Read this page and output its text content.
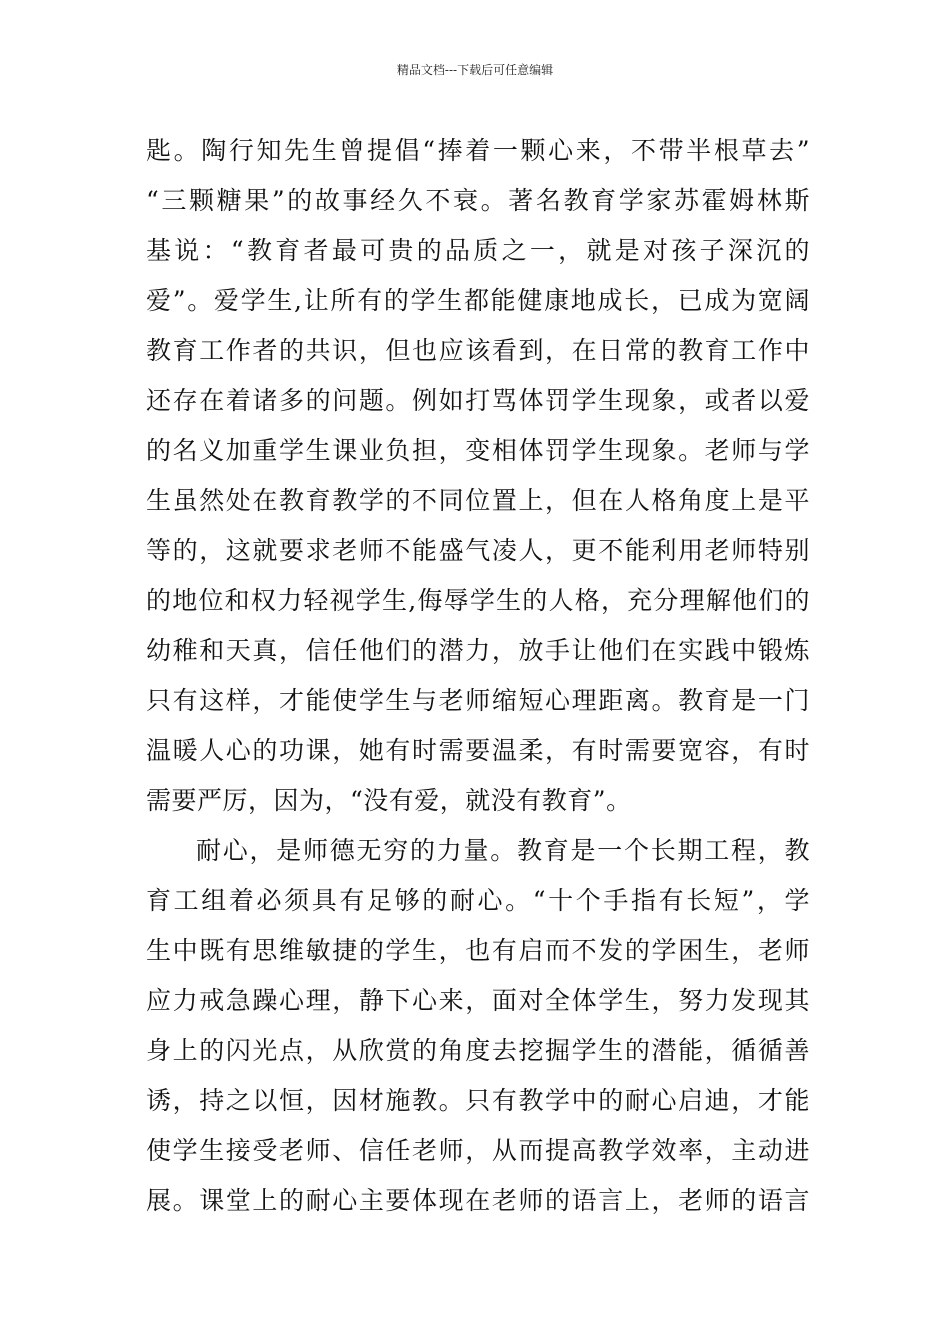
精品文档---下载后可任意编辑
匙。陶行知先生曾提倡“捧着一颗心来，不带半根草去”
“三颗糖果”的故事经久不衰。著名教育学家苏霍姆林斯
基说：“教育者最可贵的品质之一，就是对孩子深沉的
爱”。爱学生,让所有的学生都能健康地成长，已成为宽阔
教育工作者的共识，但也应该看到，在日常的教育工作中
还存在着诸多的问题。例如打骂体罚学生现象，或者以爱
的名义加重学生课业负担，变相体罚学生现象。老师与学
生虽然处在教育教学的不同位置上，但在人格角度上是平
等的，这就要求老师不能盛气凌人，更不能利用老师特别
的地位和权力轻视学生,侮辱学生的人格，充分理解他们的
幼稚和天真，信任他们的潜力，放手让他们在实践中锻炼
只有这样，才能使学生与老师缩短心理距离。教育是一门
温暖人心的功课，她有时需要温柔，有时需要宽容，有时
需要严厉，因为，“没有爱，就没有教育”。
耐心，是师德无穷的力量。教育是一个长期工程，教
育工组着必须具有足够的耐心。“十个手指有长短”，学
生中既有思维敏捷的学生，也有启而不发的学困生，老师
应力戒急躁心理，静下心来，面对全体学生，努力发现其
身上的闪光点，从欣赏的角度去挖掘学生的潜能，循循善
诱，持之以恒，因材施教。只有教学中的耐心启迪，才能
使学生接受老师、信任老师，从而提高教学效率，主动进
展。课堂上的耐心主要体现在老师的语言上，老师的语言
